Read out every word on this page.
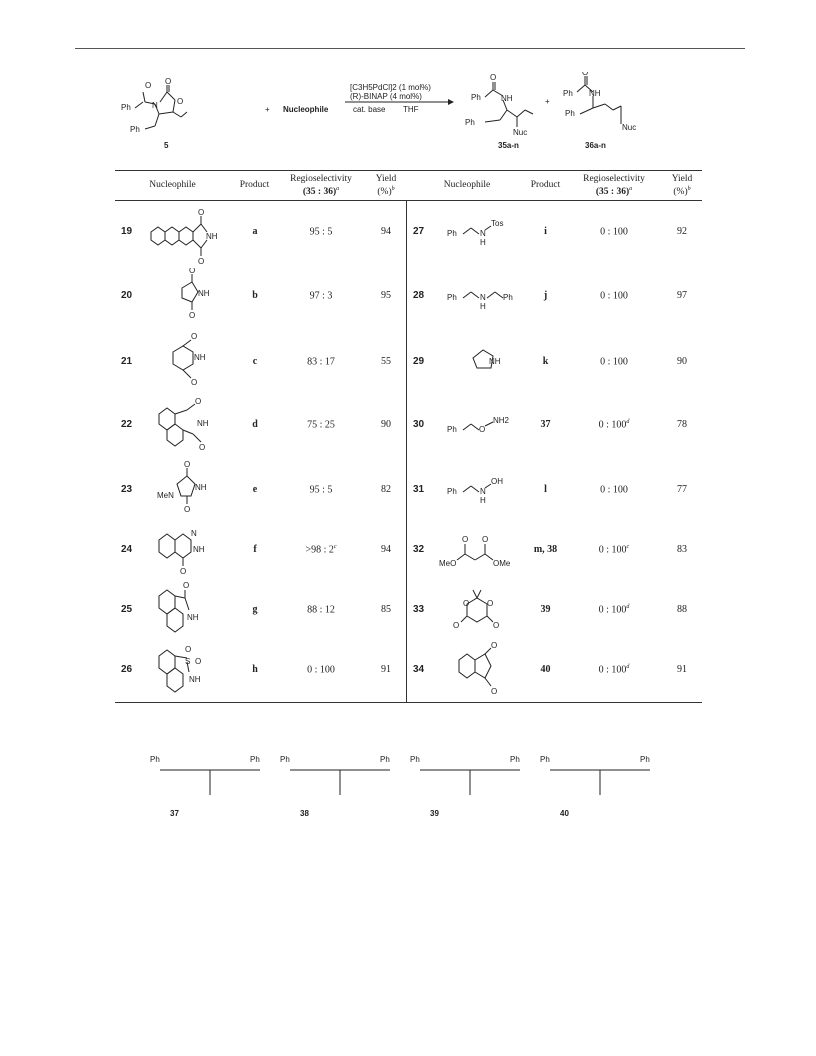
O
O
O
N
Ph
Ph
5
+ Nucleophile
[C3H5PdCl]2 (1 mol%)
(R)-BINAP (4 mol%)
cat. base THF
O
Ph	NH
Ph
Nuc
35a-n
+
O
Ph NH
Ph
Nuc
36a-n
Nucleophile	Product
Regioselectivity
(35 : 36)$^a$
Yield
(%)$^b$	Nucleophile	Product
Regioselectivity
(35 : 36)$^a$
Yield
(%)$^b$
19	a	95 : 5	94
20	b	97 : 3	95
21	c	83 : 17	55
22	d	75 : 25	90
23	e	95 : 5	82
24	f	>98 : 2$^c$	94
25	g	88 : 12	85
26	h	0 : 100	91
27	i	0 : 100	92
28	j	0 : 100	97
29	k	0 : 100	90
30	37	0 : 100$^d$	78
31	l	0 : 100	77
32	m, 38	0 : 100$^c$	83
33	39	0 : 100$^d$	88
34	40	0 : 100$^d$	91
O
NH
O
O
NH
O
O
NH
O
O
NH
O
O
NH
MeN
O
N
NH
O
O
NH
S
O
O
NH
Ph	N
H
Tos
Ph	N
H
Ph
NH
Ph	O
NH2
Ph	N
H
OH
O O
MeO	OMe
O O
O	O
O
O
Ph	Ph	Ph	Ph	Ph	Ph	Ph	Ph
37	38	39	40
